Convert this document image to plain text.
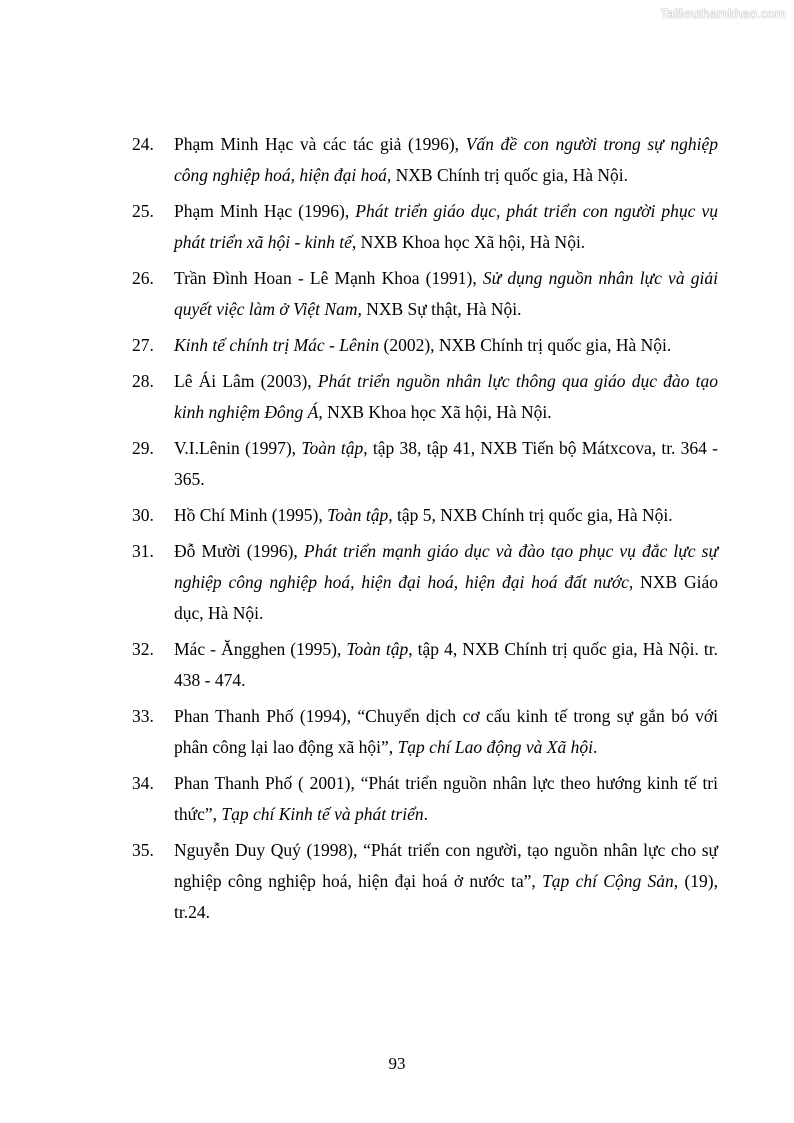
Tailieuthamkhao.com
24. Phạm Minh Hạc và các tác giả (1996), Vấn đề con người trong sự nghiệp công nghiệp hoá, hiện đại hoá, NXB Chính trị quốc gia, Hà Nội.
25. Phạm Minh Hạc (1996), Phát triển giáo dục, phát triển con người phục vụ phát triển xã hội - kinh tế, NXB Khoa học Xã hội, Hà Nội.
26. Trần Đình Hoan - Lê Mạnh Khoa (1991), Sử dụng nguồn nhân lực và giải quyết việc làm ở Việt Nam, NXB Sự thật, Hà Nội.
27. Kinh tế chính trị Mác - Lênin (2002), NXB Chính trị quốc gia, Hà Nội.
28. Lê Ái Lâm (2003), Phát triển nguồn nhân lực thông qua giáo dục đào tạo kinh nghiệm Đông Á, NXB Khoa học Xã hội, Hà Nội.
29. V.I.Lênin (1997), Toàn tập, tập 38, tập 41, NXB Tiến bộ Mátxcova, tr. 364 - 365.
30. Hồ Chí Minh (1995), Toàn tập, tập 5, NXB Chính trị quốc gia, Hà Nội.
31. Đỗ Mười (1996), Phát triển mạnh giáo dục và đào tạo phục vụ đắc lực sự nghiệp công nghiệp hoá, hiện đại hoá, hiện đại hoá đất nước, NXB Giáo dục, Hà Nội.
32. Mác - Ăngghen (1995), Toàn tập, tập 4, NXB Chính trị quốc gia, Hà Nội. tr. 438 - 474.
33. Phan Thanh Phố (1994), “Chuyển dịch cơ cấu kinh tế trong sự gắn bó với phân công lại lao động xã hội”, Tạp chí Lao động và Xã hội.
34. Phan Thanh Phố ( 2001), “Phát triển nguồn nhân lực theo hướng kinh tế tri thức”, Tạp chí Kinh tế và phát triển.
35. Nguyễn Duy Quý (1998), “Phát triển con người, tạo nguồn nhân lực cho sự nghiệp công nghiệp hoá, hiện đại hoá ở nước ta”, Tạp chí Cộng Sản, (19), tr.24.
93
